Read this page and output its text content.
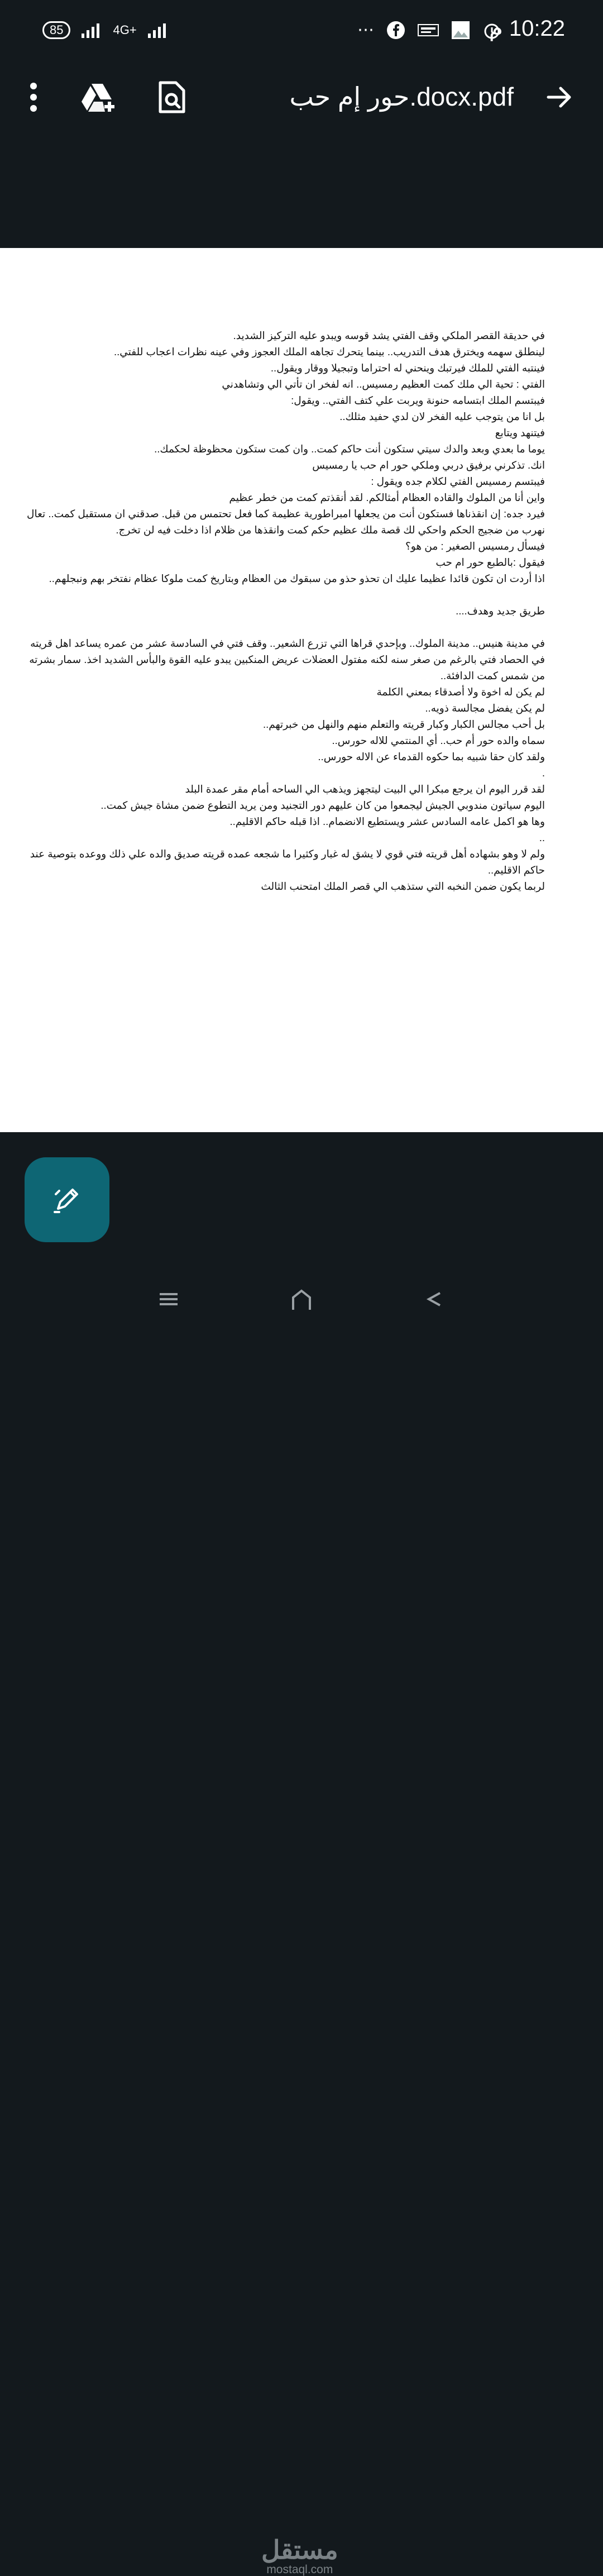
85	4G+	⋯	10:22 م
حور إم حب.docx.pdf

في حديقة القصر الملكي وقف الفتي يشد قوسه ويبدو عليه التركيز الشديد.

لينطلق سهمه ويخترق هدف التدريب.. بينما يتحرك تجاهه الملك العجوز وفي عينه نظرات اعجاب للفتي..

فينتبه الفتي للملك فيرتبك وينحني له احتراما وتبجيلا ووقار ويقول..

الفتي : تحية الي ملك كمت العظيم رمسيس.. انه لفخر ان تأتي الي وتشاهدني

فيبتسم الملك ابتسامه حنونة ويربت علي كتف الفتي.. ويقول:

بل انا من يتوجب عليه الفخر لان لدي حفيد مثلك..

فيتنهد ويتابع

يوما ما بعدي وبعد والدك سيتي ستكون أنت حاكم كمت.. وان كمت ستكون محظوظة لحكمك..

انك. تذكرني برفيق دربي وملكي حور ام حب يا رمسيس

فيبتسم رمسيس الفتي لكلام جده ويقول :

واين أنا من الملوك والقاده العظام أمثالكم. لقد أنقذتم كمت من خطر عظيم

فيرد جده: إن انقذناها فستكون أنت من يجعلها امبراطورية عظيمة كما فعل تحتمس من قبل. صدقني ان مستقبل كمت.. تعال نهرب من ضجيج الحكم واحكي لك قصة ملك عظيم حكم كمت وانقذها من ظلام اذا دخلت فيه لن تخرج.

فيسأل رمسيس الصغير : من هو؟

فيقول :بالطبع حور ام حب

اذا أردت ان تكون قائدا عظيما عليك ان تحذو حذو من سبقوك من العظام وبتاريخ كمت ملوكا عظام نفتخر بهم ونبجلهم..

طريق جديد وهدف....

في مدينة هنيس.. مدينة الملوك.. وبإحدي قراها التي تزرع الشعير.. وقف فتي في السادسة عشر من عمره يساعد اهل قريته في الحصاد فتي بالرغم من صغر سنه لكنه مفتول العضلات عريض المنكبين يبدو عليه القوة والبأس الشديد اخذ. سمار بشرته من شمس كمت الدافئة..

لم يكن له اخوة ولا أصدقاء بمعني الكلمة

لم يكن يفضل مجالسة ذويه..

بل أحب مجالس الكبار وكبار قريته والتعلم منهم والنهل من خبرتهم..

سماه والده حور أم حب.. أي المنتمي للاله حورس..

ولقد كان حقا شبيه بما حكوه القدماء عن الاله حورس..

.

لقد قرر اليوم ان يرجع مبكرا الي البيت ليتجهز ويذهب الي الساحه أمام مقر عمدة البلد

اليوم سياتون مندوبي الجيش ليجمعوا من كان عليهم دور التجنيد ومن يريد التطوع ضمن مشاة جيش كمت..

وها هو اكمل عامه السادس عشر ويستطيع الانضمام.. اذا قبله حاكم الاقليم..

..

ولم لا وهو بشهاده أهل قريته فتي قوي لا يشق له غبار وكثيرا ما شجعه عمده قريته صديق والده علي ذلك ووعده بتوصية عند حاكم الاقليم..

لربما يكون ضمن النخبه التي ستذهب الي قصر الملك امتحنب الثالث

مستقل
mostaql.com
